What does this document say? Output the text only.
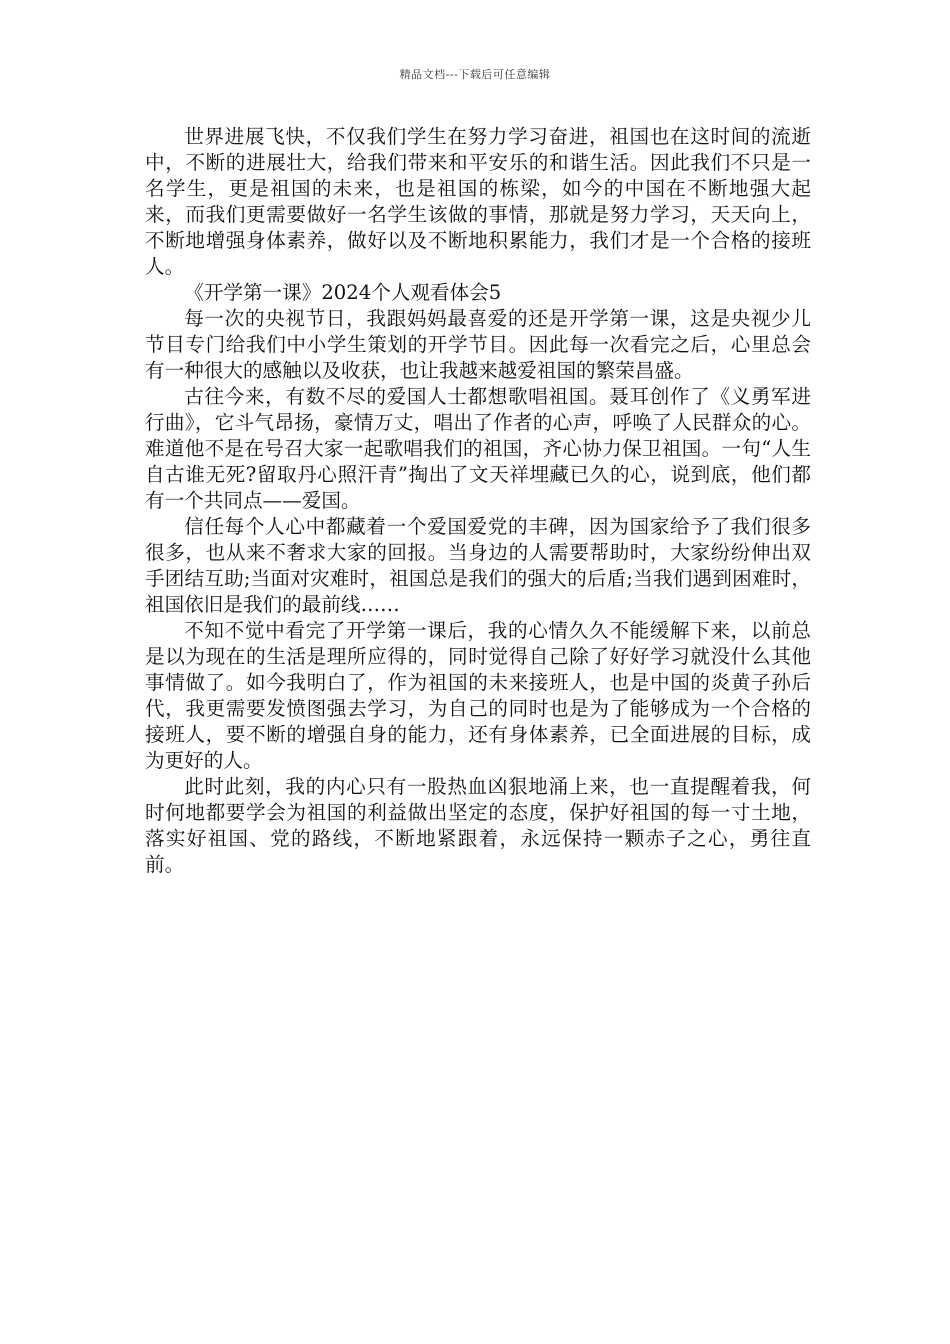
精品文档---下载后可任意编辑

世界进展飞快，不仅我们学生在努力学习奋进，祖国也在这时间的流逝中，不断的进展壮大，给我们带来和平安乐的和谐生活。因此我们不只是一名学生，更是祖国的未来，也是祖国的栋梁，如今的中国在不断地强大起来，而我们更需要做好一名学生该做的事情，那就是努力学习，天天向上，不断地增强身体素养，做好以及不断地积累能力，我们才是一个合格的接班人。

《开学第一课》2024个人观看体会5

每一次的央视节日，我跟妈妈最喜爱的还是开学第一课，这是央视少儿节目专门给我们中小学生策划的开学节目。因此每一次看完之后，心里总会有一种很大的感触以及收获，也让我越来越爱祖国的繁荣昌盛。

古往今来，有数不尽的爱国人士都想歌唱祖国。聂耳创作了《义勇军进行曲》，它斗气昂扬，豪情万丈，唱出了作者的心声，呼唤了人民群众的心。难道他不是在号召大家一起歌唱我们的祖国，齐心协力保卫祖国。一句“人生自古谁无死?留取丹心照汗青”掏出了文天祥埋藏已久的心，说到底，他们都有一个共同点——爱国。

信任每个人心中都藏着一个爱国爱党的丰碑，因为国家给予了我们很多很多，也从来不奢求大家的回报。当身边的人需要帮助时，大家纷纷伸出双手团结互助;当面对灾难时，祖国总是我们的强大的后盾;当我们遇到困难时，祖国依旧是我们的最前线……

不知不觉中看完了开学第一课后，我的心情久久不能缓解下来，以前总是以为现在的生活是理所应得的，同时觉得自己除了好好学习就没什么其他事情做了。如今我明白了，作为祖国的未来接班人，也是中国的炎黄子孙后代，我更需要发愤图强去学习，为自己的同时也是为了能够成为一个合格的接班人，要不断的增强自身的能力，还有身体素养，已全面进展的目标，成为更好的人。

此时此刻，我的内心只有一股热血凶狠地涌上来，也一直提醒着我，何时何地都要学会为祖国的利益做出坚定的态度，保护好祖国的每一寸土地，落实好祖国、党的路线，不断地紧跟着，永远保持一颗赤子之心，勇往直前。
